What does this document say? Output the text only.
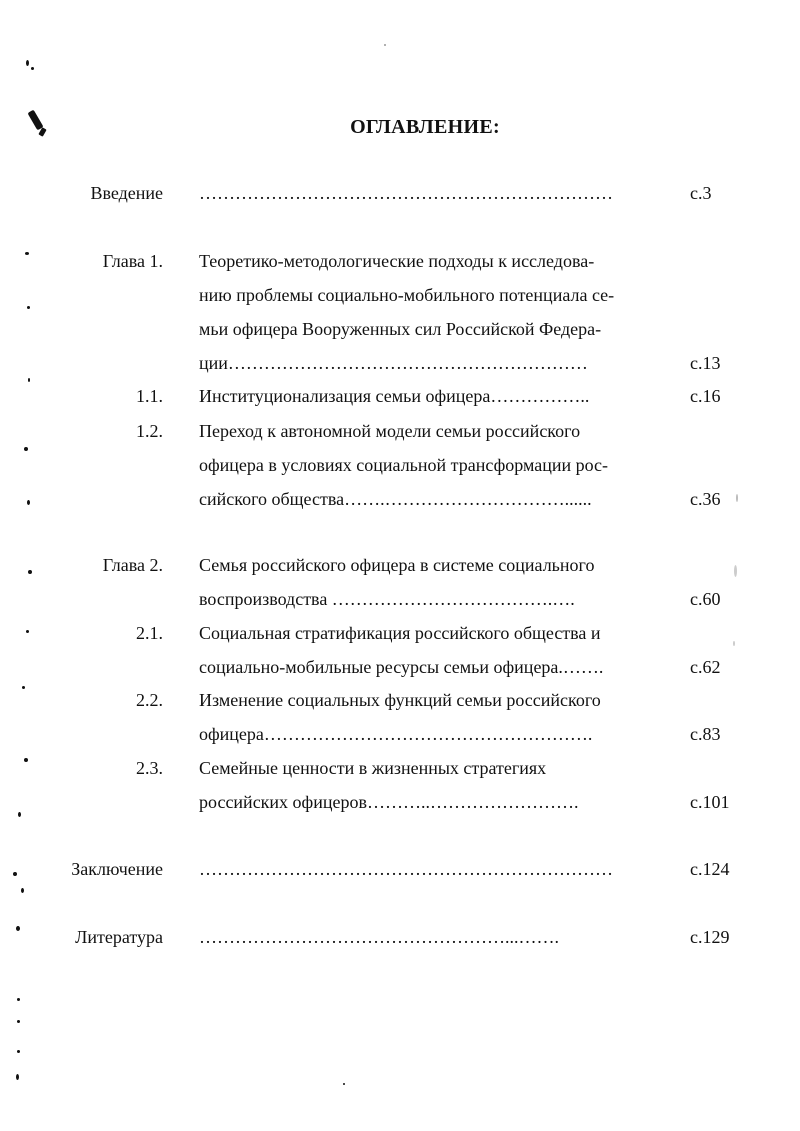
ОГЛАВЛЕНИЕ:
Введение ……………………………………………………………	с.3
Глава 1. Теоретико-методологические подходы к исследова-
нию проблемы социально-мобильного потенциала се-
мьи офицера Вооруженных сил Российской Федера-
ции……………………………………………………	с.13
1.1. Институционализация семьи офицера……………..	с.16
1.2. Переход к автономной модели семьи российского
офицера в условиях социальной трансформации рос-
сийского общества…….…………………………......	с.36
Глава 2. Семья российского офицера в системе социального
воспроизводства ……………………………….….	с.60
2.1. Социальная стратификация российского общества и
социально-мобильные ресурсы семьи офицера.…….	с.62
2.2. Изменение социальных функций семьи российского
офицера……………………………………………….	с.83
2.3. Семейные ценности в жизненных стратегиях
российских офицеров………..…………………….	с.101
Заключение ……………………………………………………………	с.124
Литература ……………………………………………...…….	с.129
